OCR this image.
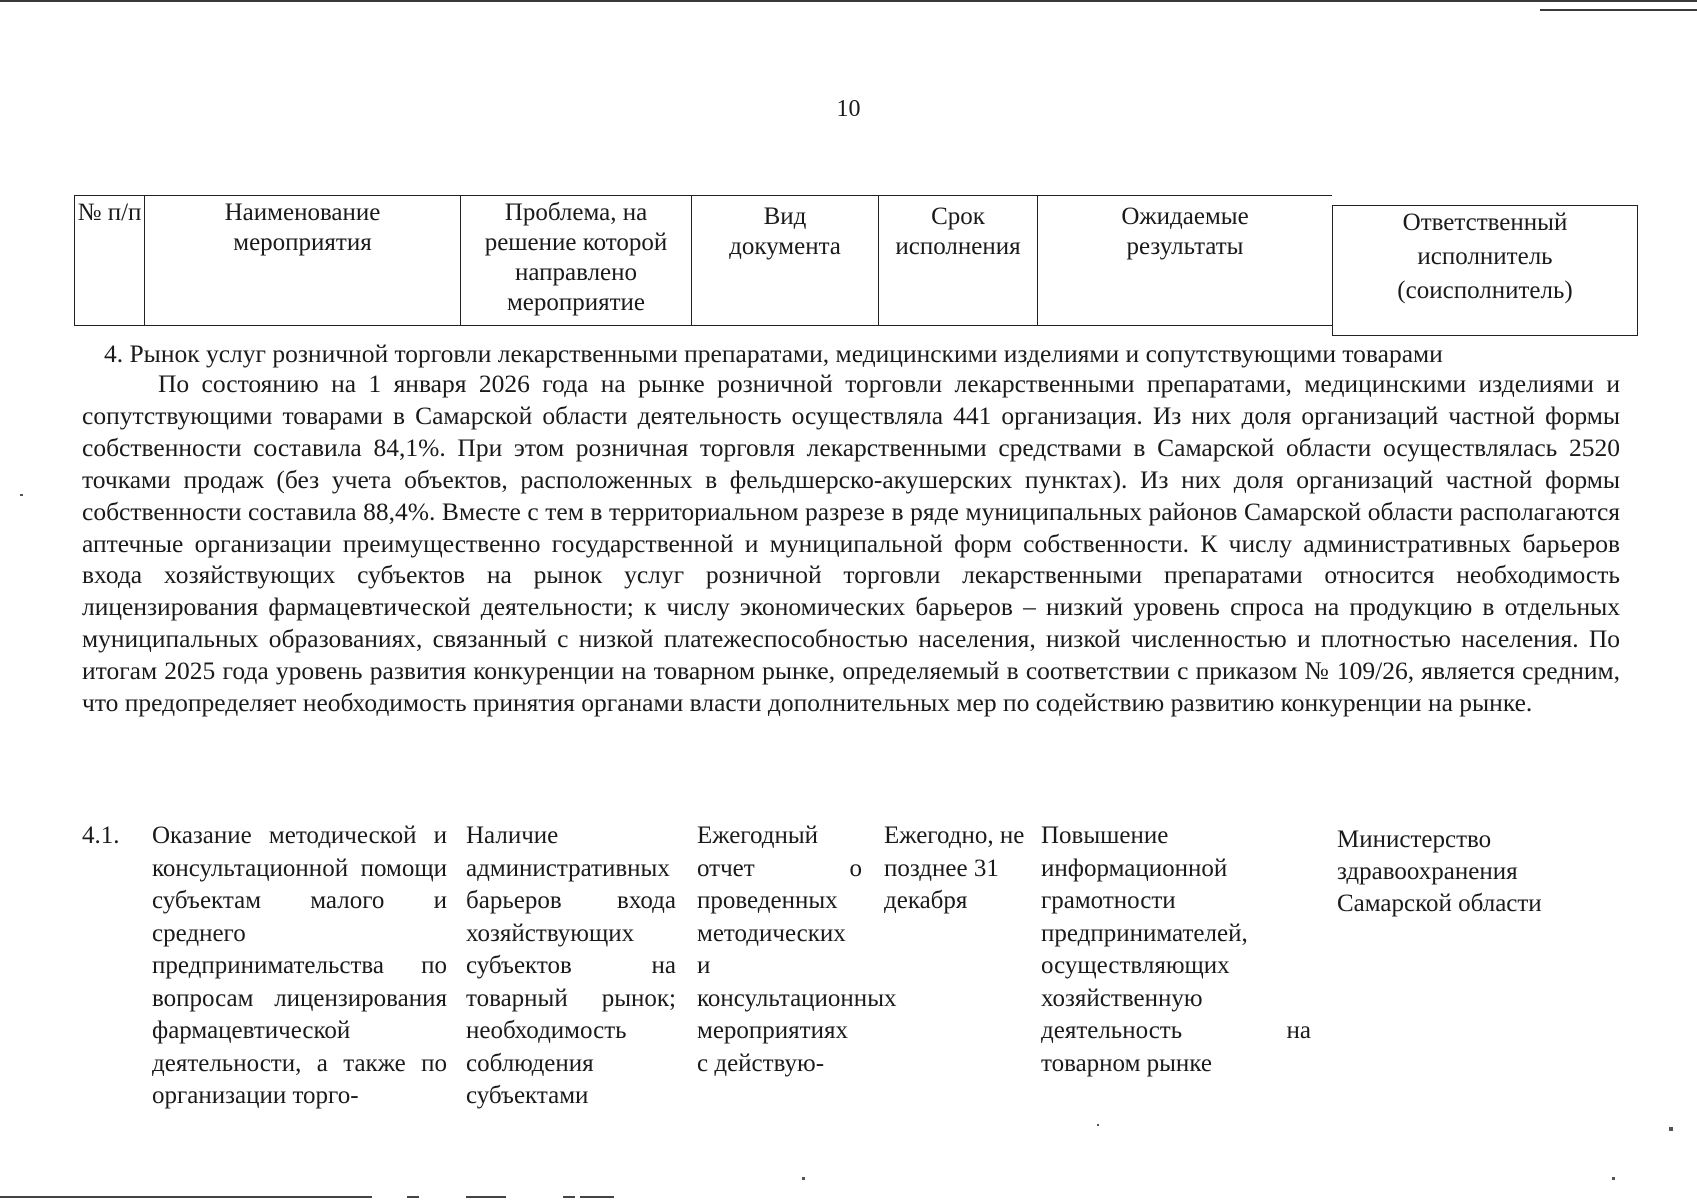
10
№ п/п	Наименование мероприятия
Проблема, на решение которой направлено мероприятие
Вид документа
Срок исполнения
Ожидаемые результаты
Ответственный исполнитель (соисполнитель)
4. Рынок услуг розничной торговли лекарственными препаратами, медицинскими изделиями и сопутствующими товарами

По состоянию на 1 января 2026 года на рынке розничной торговли лекарственными препаратами, медицинскими изделиями и сопутствующими товарами в Самарской области деятельность осуществляла 441 организация. Из них доля организаций частной формы собственности составила 84,1%. При этом розничная торговля лекарственными средствами в Самарской области осуществлялась 2520 точками продаж (без учета объектов, расположенных в фельдшерско-акушерских пунктах). Из них доля организаций частной формы собственности составила 88,4%. Вместе с тем в территориальном разрезе в ряде муниципальных районов Самарской области располагаются аптечные организации преимущественно государственной и муниципальной форм собственности. К числу административных барьеров входа хозяйствующих субъектов на рынок услуг розничной торговли лекарственными препаратами относится необходимость лицензирования фармацевтической деятельности; к числу экономических барьеров – низкий уровень спроса на продукцию в отдельных муниципальных образованиях, связанный с низкой платежеспособностью населения, низкой численностью и плотностью населения. По итогам 2025 года уровень развития конкуренции на товарном рынке, определяемый в соответствии с приказом № 109/26, является средним, что предопределяет необходимость принятия органами власти дополнительных мер по содействию развитию конкуренции на рынке.

4.1.	Оказание методической и консультационной помощи субъектам малого и среднего предпринимательства по вопросам лицензирования фармацевтической деятельности, а также по организации торго-

Наличие административных барьеров входа хозяйствующих субъектов на товарный рынок; необходимость соблюдения субъектами

Ежегодный отчет о проведенных методических и консультационных мероприятиях с действую-

Ежегодно, не позднее 31 декабря

Повышение информационной грамотности предпринимателей, осуществляющих хозяйственную деятельность на товарном рынке

Министерство здравоохранения Самарской области
